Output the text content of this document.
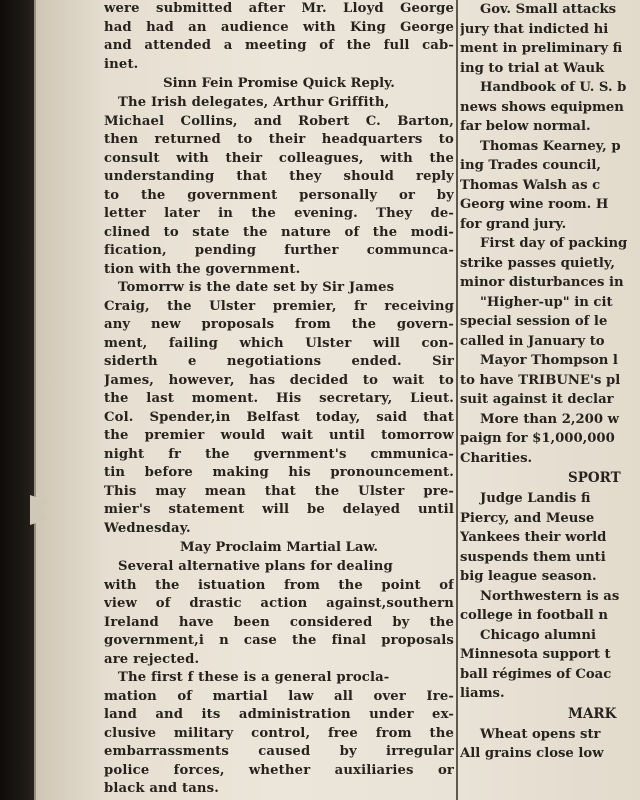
were submitted after Mr. Lloyd George
had had an audience with King George
and attended a meeting of the full cab-
inet.
Sinn Fein Promise Quick Reply.
The Irish delegates, Arthur Griffith,
Michael Collins, and Robert C. Barton,
then returned to their headquarters to
consult with their colleagues, with the
understanding that they should reply
to the government personally or by
letter later in the evening. They de-
clined to state the nature of the modi-
fication, pending further communca-
tion with the government.
Tomorrw is the date set by Sir James
Craig, the Ulster premier, fr receiving
any new proposals from the govern-
ment, failing which Ulster will con-
siderth e negotiations ended. Sir
James, however, has decided to wait to
the last moment. His secretary, Lieut.
Col. Spender,in Belfast today, said that
the premier would wait until tomorrow
night fr the gvernment's cmmunica-
tin before making his pronouncement.
This may mean that the Ulster pre-
mier's statement will be delayed until
Wednesday.
May Proclaim Martial Law.
Several alternative plans for dealing
with the istuation from the point of
view of drastic action against,southern
Ireland have been considered by the
government,i n case the final proposals
are rejected.
The first f these is a general procla-
mation of martial law all over Ire-
land and its administration under ex-
clusive military control, free from the
embarrassments caused by irregular
police forces, whether auxiliaries or
black and tans.
Gov. Small attacks
jury that indicted hi
ment in preliminary fi
ing to trial at Wauk
Handbook of U. S. b
news shows equipmen
far below normal.
Thomas Kearney, p
ing Trades council,
Thomas Walsh as c
Georg wine room. H
for grand jury.
First day of packing
strike passes quietly,
minor disturbances in
"Higher-up" in cit
special session of le
called in January to
Mayor Thompson l
to have TRIBUNE's pl
suit against it declar
More than 2,200 w
paign for $1,000,000
Charities.
SPORT
Judge Landis fi
Piercy, and Meuse
Yankees their world
suspends them unti
big league season.
Northwestern is as
college in football n
Chicago alumni
Minnesota support t
ball régimes of Coac
liams.
MARK
Wheat opens str
All grains close low
